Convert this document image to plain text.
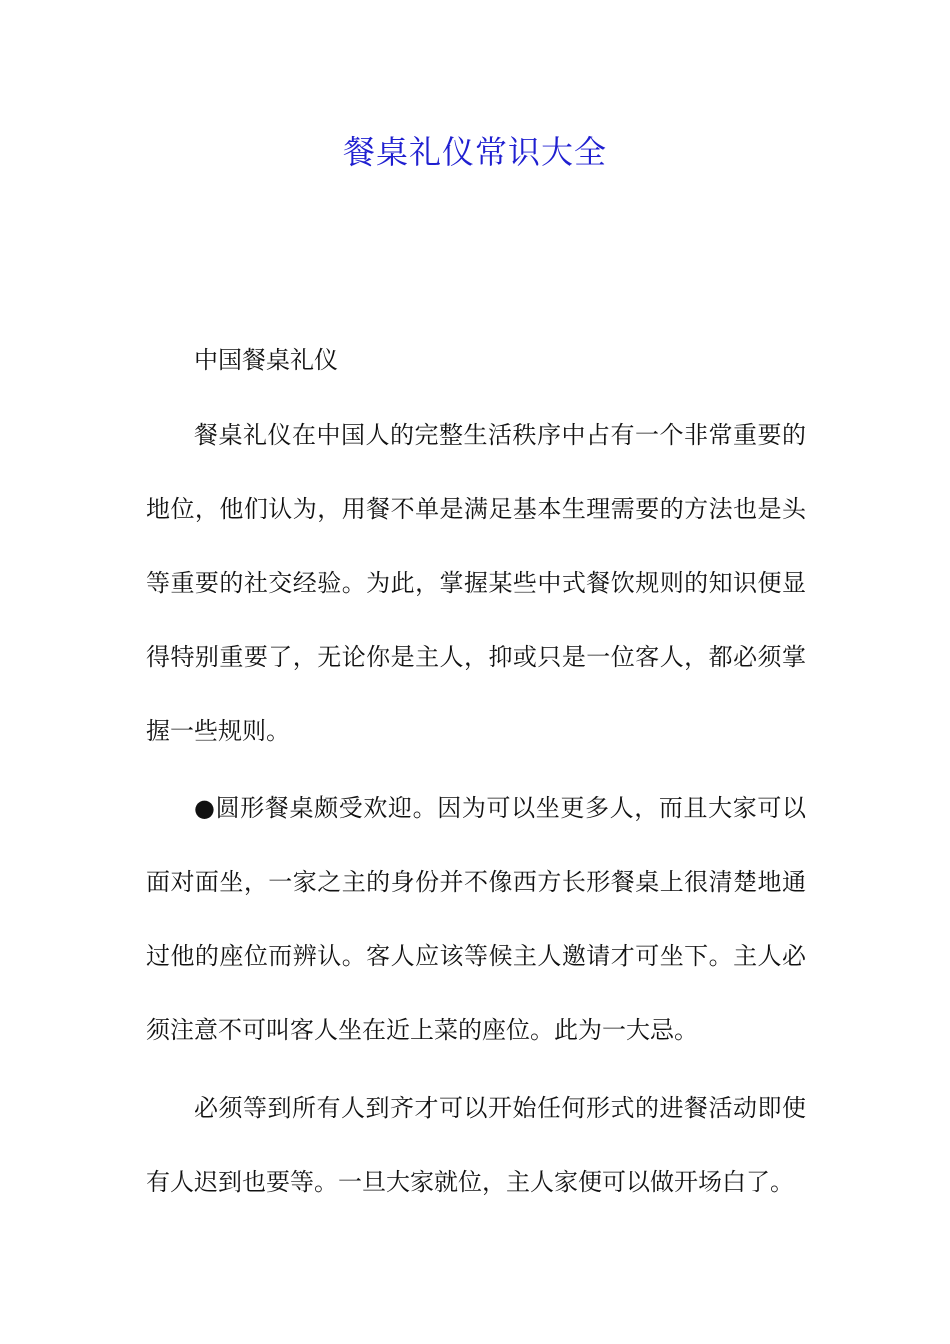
餐桌礼仪常识大全
中国餐桌礼仪

餐桌礼仪在中国人的完整生活秩序中占有一个非常重要的地位，他们认为，用餐不单是满足基本生理需要的方法也是头等重要的社交经验。为此，掌握某些中式餐饮规则的知识便显得特别重要了，无论你是主人，抑或只是一位客人，都必须掌握一些规则。

●圆形餐桌颇受欢迎。因为可以坐更多人，而且大家可以面对面坐，一家之主的身份并不像西方长形餐桌上很清楚地通过他的座位而辨认。客人应该等候主人邀请才可坐下。主人必须注意不可叫客人坐在近上菜的座位。此为一大忌。

必须等到所有人到齐才可以开始任何形式的进餐活动即使有人迟到也要等。一旦大家就位，主人家便可以做开场白了。
